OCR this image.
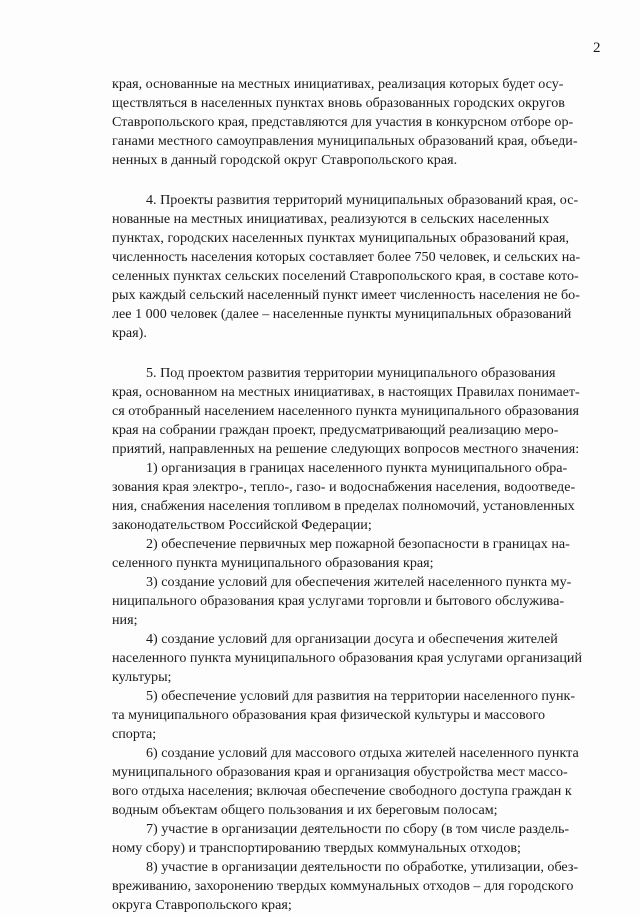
2

края, основанные на местных инициативах, реализация которых будет осу-
ществляться в населенных пунктах вновь образованных городских округов
Ставропольского края, представляются для участия в конкурсном отборе ор-
ганами местного самоуправления муниципальных образований края, объеди-
ненных в данный городской округ Ставропольского края.

4. Проекты развития территорий муниципальных образований края, ос-
нованные на местных инициативах, реализуются в сельских населенных
пунктах, городских населенных пунктах муниципальных образований края,
численность населения которых составляет более 750 человек, и сельских на-
селенных пунктах сельских поселений Ставропольского края, в составе кото-
рых каждый сельский населенный пункт имеет численность населения не бо-
лее 1 000 человек (далее – населенные пункты муниципальных образований
края).

5. Под проектом развития территории муниципального образования
края, основанном на местных инициативах, в настоящих Правилах понимает-
ся отобранный населением населенного пункта муниципального образования
края на собрании граждан проект, предусматривающий реализацию меро-
приятий, направленных на решение следующих вопросов местного значения:

1) организация в границах населенного пункта муниципального обра-
зования края электро-, тепло-, газо- и водоснабжения населения, водоотведе-
ния, снабжения населения топливом в пределах полномочий, установленных
законодательством Российской Федерации;

2) обеспечение первичных мер пожарной безопасности в границах на-
селенного пункта муниципального образования края;

3) создание условий для обеспечения жителей населенного пункта му-
ниципального образования края услугами торговли и бытового обслужива-
ния;

4) создание условий для организации досуга и обеспечения жителей
населенного пункта муниципального образования края услугами организаций
культуры;

5) обеспечение условий для развития на территории населенного пунк-
та муниципального образования края физической культуры и массового
спорта;

6) создание условий для массового отдыха жителей населенного пункта
муниципального образования края и организация обустройства мест массо-
вого отдыха населения; включая обеспечение свободного доступа граждан к
водным объектам общего пользования и их береговым полосам;

7) участие в организации деятельности по сбору (в том числе раздель-
ному сбору) и транспортированию твердых коммунальных отходов;

8) участие в организации деятельности по обработке, утилизации, обез-
вреживанию, захоронению твердых коммунальных отходов – для городского
округа Ставропольского края;
